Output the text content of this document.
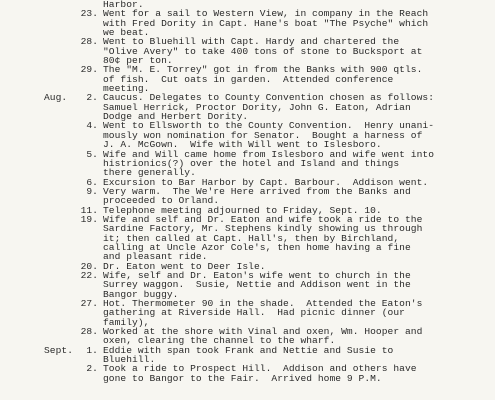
Harbor.
23. Went for a sail to Western View, in company in the Reach
with Fred Dority in Capt. Hane's boat "The Psyche" which
we beat.
28. Went to Bluehill with Capt. Hardy and chartered the
"Olive Avery" to take 400 tons of stone to Bucksport at
80¢ per ton.
29. The "M. E. Torrey" got in from the Banks with 900 qtls.
of fish.  Cut oats in garden.  Attended conference
meeting.
Aug.	2. Caucus. Delegates to County Convention chosen as follows:
Samuel Herrick, Proctor Dority, John G. Eaton, Adrian
Dodge and Herbert Dority.
4. Went to Ellsworth to the County Convention.  Henry unani-
mously won nomination for Senator.  Bought a harness of
J. A. McGown.  Wife with Will went to Islesboro.
5. Wife and Will came home from Islesboro and wife went into
histrionics(?) over the hotel and Island and things
there generally.
6. Excursion to Bar Harbor by Capt. Barbour.  Addison went.
9. Very warm.  The We're Here arrived from the Banks and
proceeded to Orland.
11. Telephone meeting adjourned to Friday, Sept. 10.
19. Wife and self and Dr. Eaton and wife took a ride to the
Sardine Factory, Mr. Stephens kindly showing us through
it; then called at Capt. Hall's, then by Birchland,
calling at Uncle Azor Cole's, then home having a fine
and pleasant ride.
20. Dr. Eaton went to Deer Isle.
22. Wife, self and Dr. Eaton's wife went to church in the
Surrey waggon.  Susie, Nettie and Addison went in the
Bangor buggy.
27. Hot. Thermometer 90 in the shade.  Attended the Eaton's
gathering at Riverside Hall.  Had picnic dinner (our
family),
28. Worked at the shore with Vinal and oxen, Wm. Hooper and
oxen, clearing the channel to the wharf.
Sept.	1. Eddie with span took Frank and Nettie and Susie to
Bluehill.
2. Took a ride to Prospect Hill.  Addison and others have
gone to Bangor to the Fair.  Arrived home 9 P.M.
